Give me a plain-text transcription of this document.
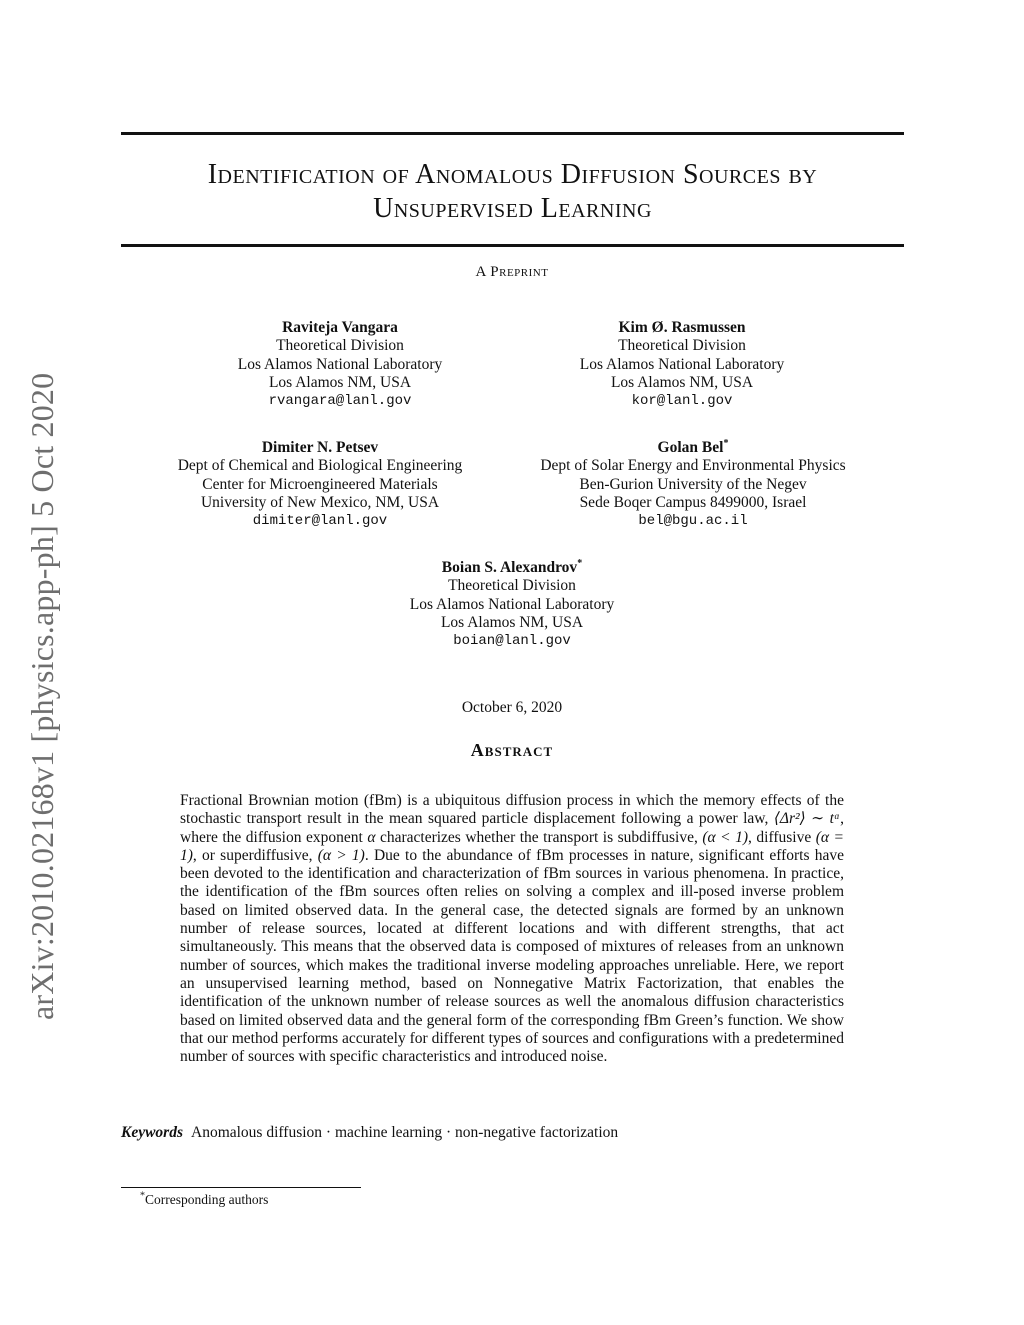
arXiv:2010.02168v1 [physics.app-ph] 5 Oct 2020
Identification of Anomalous Diffusion Sources by
Unsupervised Learning
A Preprint
Raviteja Vangara
Theoretical Division
Los Alamos National Laboratory
Los Alamos NM, USA
rvangara@lanl.gov
Kim Ø. Rasmussen
Theoretical Division
Los Alamos National Laboratory
Los Alamos NM, USA
kor@lanl.gov
Dimiter N. Petsev
Dept of Chemical and Biological Engineering
Center for Microengineered Materials
University of New Mexico, NM, USA
dimiter@lanl.gov
Golan Bel*
Dept of Solar Energy and Environmental Physics
Ben-Gurion University of the Negev
Sede Boqer Campus 8499000, Israel
bel@bgu.ac.il
Boian S. Alexandrov*
Theoretical Division
Los Alamos National Laboratory
Los Alamos NM, USA
boian@lanl.gov
October 6, 2020
Abstract
Fractional Brownian motion (fBm) is a ubiquitous diffusion process in which the memory effects of the stochastic transport result in the mean squared particle displacement following a power law, ⟨Δr²⟩ ∼ tᵅ, where the diffusion exponent α characterizes whether the transport is subdiffusive, (α < 1), diffusive (α = 1), or superdiffusive, (α > 1). Due to the abundance of fBm processes in nature, significant efforts have been devoted to the identification and characterization of fBm sources in various phenomena. In practice, the identification of the fBm sources often relies on solving a complex and ill-posed inverse problem based on limited observed data. In the general case, the detected signals are formed by an unknown number of release sources, located at different locations and with different strengths, that act simultaneously. This means that the observed data is composed of mixtures of releases from an unknown number of sources, which makes the traditional inverse modeling approaches unreliable. Here, we report an unsupervised learning method, based on Nonnegative Matrix Factorization, that enables the identification of the unknown number of release sources as well the anomalous diffusion characteristics based on limited observed data and the general form of the corresponding fBm Green’s function. We show that our method performs accurately for different types of sources and configurations with a predetermined number of sources with specific characteristics and introduced noise.
Keywords Anomalous diffusion · machine learning · non-negative factorization
*Corresponding authors
